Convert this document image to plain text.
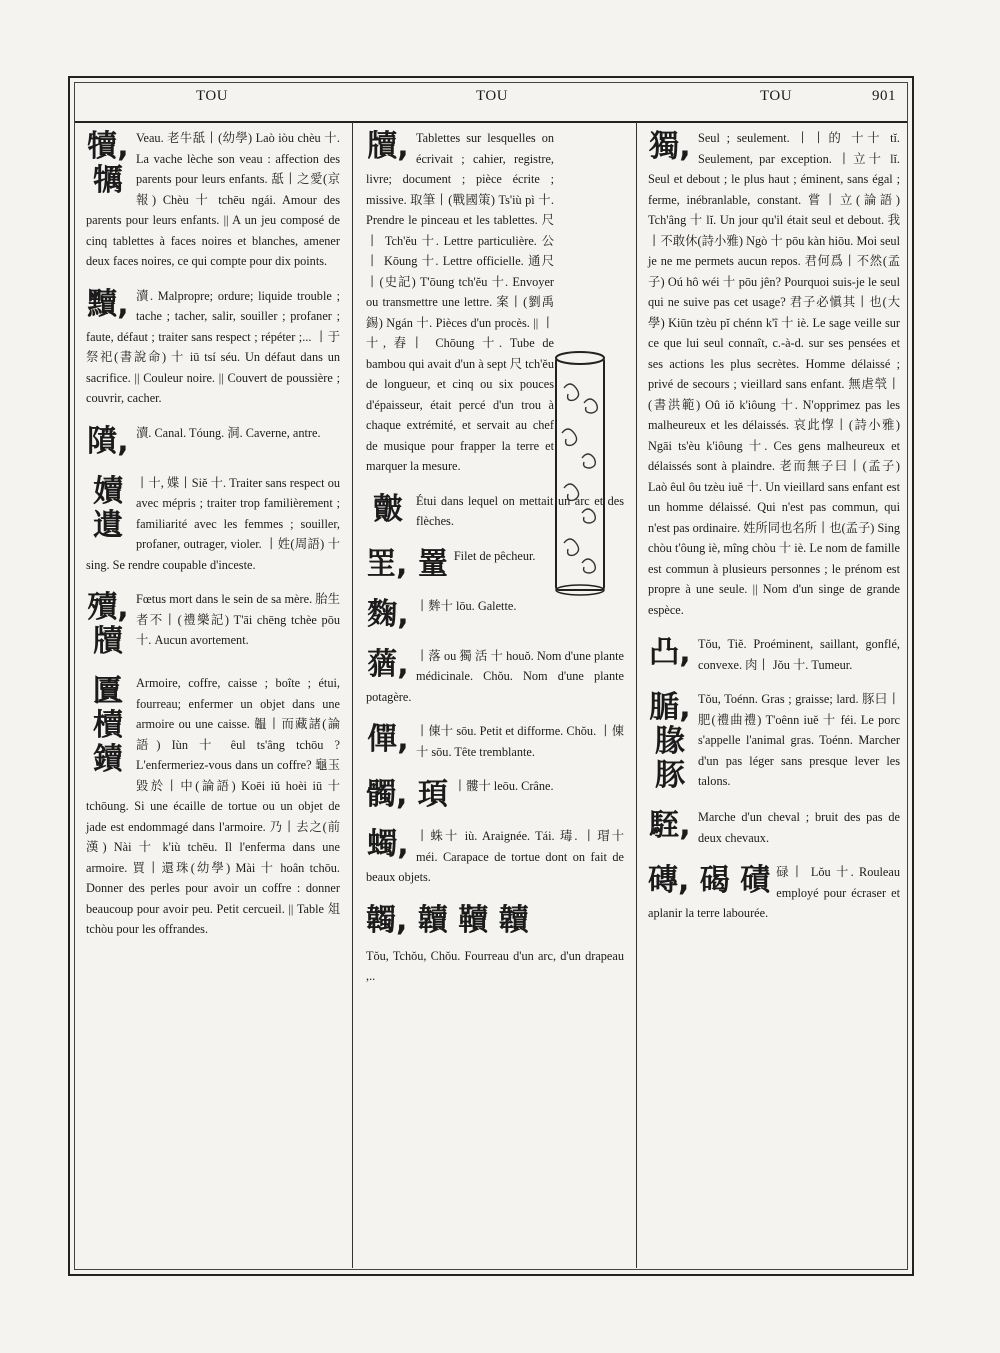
TOU	TOU	TOU	901
犢,
犡
Veau. 老牛舐丨(幼學) Laò iòu chèu 十. La vache lèche son veau : affection des parents pour leurs enfants. 舐丨之愛(京報) Chèu 十 tchēu ngái. Amour des parents pour leurs enfants. || A un jeu composé de cinq tablettes à faces noires et blanches, amener deux faces noires, ce qui compte pour dix points.
黷, 瀆. Malpropre; ordure; liquide trouble ; tache ; tacher, salir, souiller ; profaner ; faute, défaut ; traiter sans respect ; répéter ;... 丨于祭祀(書說命) 十 iū tsí séu. Un défaut dans un sacrifice. || Couleur noire. || Couvert de poussière ; couvrir, cacher.
隫, 瀆. Canal. Tóung. 洞. Caverne, antre.
嬻
遺
丨十, 媟丨Siĕ 十. Traiter sans respect ou avec mépris ; traiter trop familièrement ; familiarité avec les femmes ; souiller, profaner, outrager, violer. 丨姓(周語) 十 sing. Se rendre coupable d'inceste.
殰,
牘
Fœtus mort dans le sein de sa mère. 胎生者不丨(禮樂記) T'āi chēng tchèe pōu 十. Aucun avortement.
匵
櫝
鑟
Armoire, coffre, caisse ; boîte ; étui, fourreau; enfermer un objet dans une armoire ou une caisse. 韞丨而藏諸(論語) Iùn 十 êul ts'âng tchōu ? L'enfermeriez-vous dans un coffre? 龜玉毀於丨中(論語) Koēi iŭ hoèi iū 十 tchōung. Si une écaille de tortue ou un objet de jade est endommagé dans l'armoire. 乃丨去之(前漢) Nài 十 k'iù tchēu. Il l'enferma dans une armoire. 買丨還珠(幼學) Mài 十 hoân tchōu. Donner des perles pour avoir un coffre : donner beaucoup pour avoir peu. Petit cercueil. || Table 俎 tchòu pour les offrandes.
牘, Tablettes sur lesquelles on écrivait ; cahier, registre, livre; document ; pièce écrite ; missive. 取筆丨(戰國策) Ts'iù pì 十. Prendre le pinceau et les tablettes. 尺丨 Tch'ĕu 十. Lettre particulière. 公丨 Kōung 十. Lettre officielle. 通尺丨(史記) T'ōung tch'ĕu 十. Envoyer ou transmettre une lettre. 案丨(劉禹錫) Ngán 十. Pièces d'un procès. || 丨十, 舂丨 Chōung 十. Tube de bambou qui avait d'un à sept 尺 tch'ĕu de longueur, et cinq ou six pouces d'épaisseur, était percé d'un trou à chaque extrémité, et servait au chef de musique pour frapper la terre et marquer la mesure.
皾	Étui dans lequel on mettait un arc et des flèches.
罜, 罿 Filet de pêcheur.
麴, 丨麰十 lōu. Galette.
蕕, 丨落 ou 獨 活 十 houŏ. Nom d'une plante médicinale. Chŏu. Nom d'une plante potagère.
僤, 丨倲十 sōu. Petit et difforme. Chŏu. 丨倲十 sōu. Tête tremblante.
髑, 頊 丨髏十 leōu. Crâne.
蠋, 丨蛛十 iù. Araignée. Tái. 瑇. 丨瑁十 méi. Carapace de tortue dont on fait de beaux objets.
韣, 韥 韇 韥
Tŏu, Tchŏu, Chŏu. Fourreau d'un arc, d'un drapeau ,..
獨, Seul ; seulement. 丨丨的 十十 tĭ. Seulement, par exception. 丨立十 lĭ. Seul et debout ; le plus haut ; éminent, sans égal ; ferme, inébranlable, constant. 嘗丨立(論語) Tch'âng 十 lĭ. Un jour qu'il était seul et debout. 我丨不敢休(詩小雅) Ngò 十 pōu kàn hiōu. Moi seul je ne me permets aucun repos. 君何爲丨不然(孟子) Oú hô wéi 十 pōu jên? Pourquoi suis-je le seul qui ne suive pas cet usage? 君子必愼其丨也(大學) Kiūn tzèu pĭ chénn k'î 十 iè. Le sage veille sur ce que lui seul connaît, c.-à-d. sur ses pensées et ses actions les plus secrètes. Homme délaissé ; privé de secours ; vieillard sans enfant. 無虐煢丨(書洪範) Oû iŏ k'iôung 十. N'opprimez pas les malheureux et les délaissés. 哀此惸丨(詩小雅) Ngāi ts'èu k'iôung 十. Ces gens malheureux et délaissés sont à plaindre. 老而無子曰丨(孟子) Laò êul ôu tzèu iuĕ 十. Un vieillard sans enfant est un homme délaissé. Qui n'est pas commun, qui n'est pas ordinaire. 姓所同也名所丨也(孟子) Sing chòu t'ôung iè, mîng chòu 十 iè. Le nom de famille est commun à plusieurs personnes ; le prénom est propre à une seule. || Nom d'un singe de grande espèce.
凸, Tŏu, Tiĕ. Proéminent, saillant, gonflé, convexe. 肉丨 Jŏu 十. Tumeur.
腯,
腞
豚
Tŏu, Toénn. Gras ; graisse; lard. 豚曰丨肥(禮曲禮) T'oênn iuĕ 十 féi. Le porc s'appelle l'animal gras. Toénn. Marcher d'un pas léger sans presque lever les talons.
駤, Marche d'un cheval ; bruit des pas de deux chevaux.
磚, 碣 磧 碌丨 Lŏu 十. Rouleau employé pour écraser et aplanir la terre labourée.
